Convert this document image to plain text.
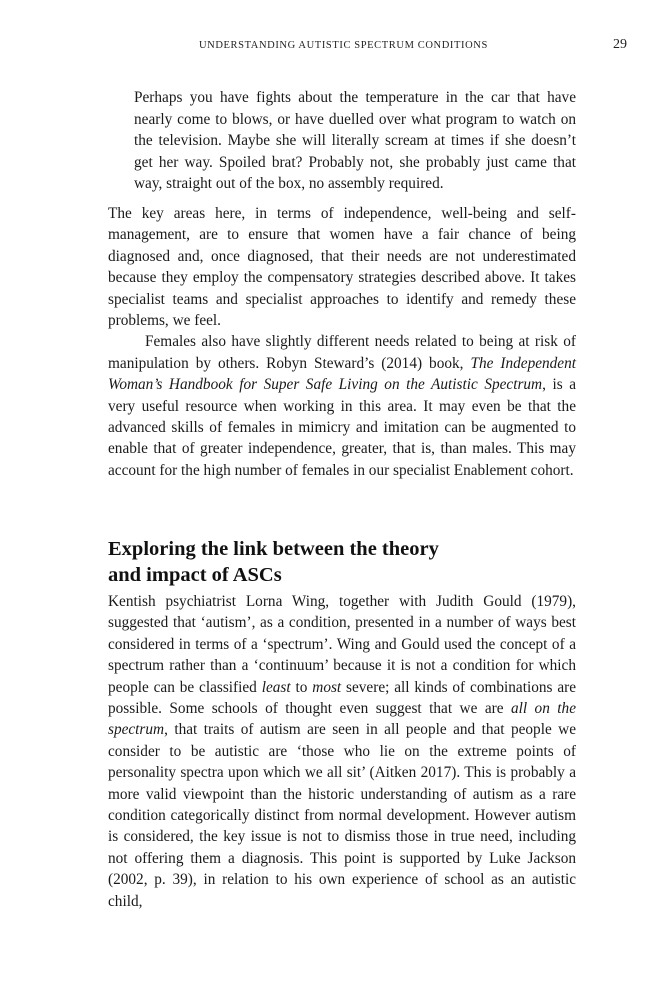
UNDERSTANDING AUTISTIC SPECTRUM CONDITIONS	29
Perhaps you have fights about the temperature in the car that have nearly come to blows, or have duelled over what program to watch on the television. Maybe she will literally scream at times if she doesn’t get her way. Spoiled brat? Probably not, she probably just came that way, straight out of the box, no assembly required.

The key areas here, in terms of independence, well-being and self-management, are to ensure that women have a fair chance of being diagnosed and, once diagnosed, that their needs are not underestimated because they employ the compensatory strategies described above. It takes specialist teams and specialist approaches to identify and remedy these problems, we feel.

Females also have slightly different needs related to being at risk of manipulation by others. Robyn Steward’s (2014) book, The Independent Woman’s Handbook for Super Safe Living on the Autistic Spectrum, is a very useful resource when working in this area. It may even be that the advanced skills of females in mimicry and imitation can be augmented to enable that of greater independence, greater, that is, than males. This may account for the high number of females in our specialist Enablement cohort.

Exploring the link between the theory
and impact of ASCs

Kentish psychiatrist Lorna Wing, together with Judith Gould (1979), suggested that ‘autism’, as a condition, presented in a number of ways best considered in terms of a ‘spectrum’. Wing and Gould used the concept of a spectrum rather than a ‘continuum’ because it is not a condition for which people can be classified least to most severe; all kinds of combinations are possible. Some schools of thought even suggest that we are all on the spectrum, that traits of autism are seen in all people and that people we consider to be autistic are ‘those who lie on the extreme points of personality spectra upon which we all sit’ (Aitken 2017). This is probably a more valid viewpoint than the historic understanding of autism as a rare condition categorically distinct from normal development. However autism is considered, the key issue is not to dismiss those in true need, including not offering them a diagnosis. This point is supported by Luke Jackson (2002, p. 39), in relation to his own experience of school as an autistic child,
